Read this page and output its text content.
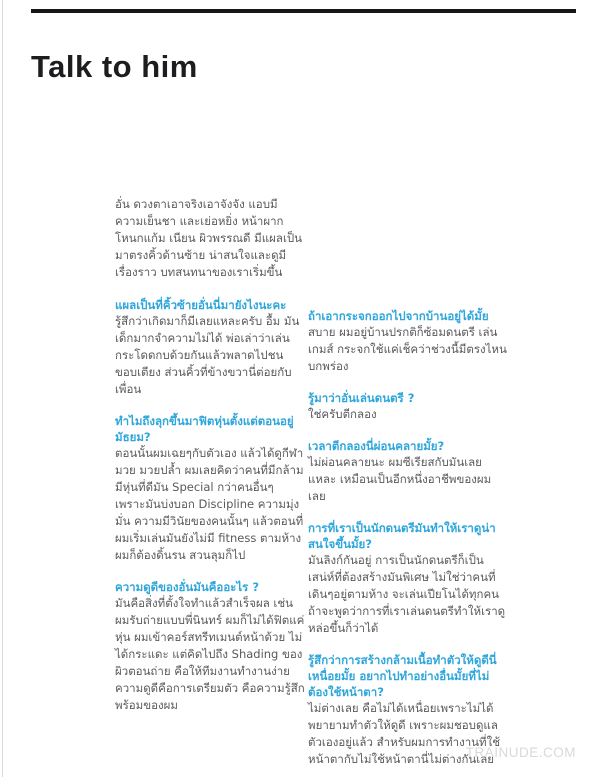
Talk to him

อั่น ดวงตาเอาจริงเอาจังจัง แอบมีความเย็นชา และเย่อหยิ่ง หน้าผาก โหนกแก้ม เนียน ผิวพรรณดี มีแผลเป็นมาตรงคิ้วด้านซ้าย น่าสนใจและดูมีเรื่องราว บทสนทนาของเราเริ่มขึ้น

แผลเป็นที่คิ้วซ้ายอั่นนี่มายังไงนะคะ

รู้สึกว่าเกิดมาก็มีเลยแหละครับ อื้ม มันเด็กมากจำความไม่ได้ พ่อเล่าว่าเล่นกระโดดกบด้วยกันแล้วพลาดไปชนขอบเตียง ส่วนคิ้วที่ข้างขวานี่ต่อยกับเพื่อน

ทำไมถึงลุกขึ้นมาฟิตหุ่นตั้งแต่ตอนอยู่มัธยม?

ตอนนั้นผมเฉยๆกับตัวเอง แล้วได้ดูกีฬามวย มวยปล้ำ ผมเลยคิดว่าคนที่มีกล้ามมีหุ่นที่ดีมัน Special กว่าคนอื่นๆ เพราะมันบ่งบอก Discipline ความมุ่งมั่น ความมีวินัยของคนนั้นๆ แล้วตอนที่ผมเริ่มเล่นมันยังไม่มี fitness ตามห้าง ผมก็ต้องดิ้นรน สวนลุมก็ไป

ความดูดีของอั่นมันคืออะไร ?

มันคือสิ่งที่ตั้งใจทำแล้วสำเร็จผล เช่นผมรับถ่ายแบบพี่นินทร์ ผมก็ไม่ได้ฟิตแค่หุ่น ผมเข้าคอร์สทรีทเมนต์หน้าด้วย ไม่ได้กระแดะ แต่คิดไปถึง Shading ของผิวตอนถ่าย คือให้ทีมงานทำงานง่าย ความดูดีคือการเตรียมตัว คือความรู้สึกพร้อมของผม

ถ้าเอากระจกออกไปจากบ้านอยู่ได้มั้ย

สบาย ผมอยู่บ้านปรกติก็ซ้อมดนตรี เล่นเกมส์ กระจกใช้แค่เช็คว่าช่วงนี้มีตรงไหนบกพร่อง

รู้มาว่าอั่นเล่นดนตรี ?

ใช่ครับตีกลอง

เวลาตีกลองนี่ผ่อนคลายมั้ย?

ไม่ผ่อนคลายนะ ผมซีเรียสกับมันเลยแหละ เหมือนเป็นอีกหนึ่งอาชีพของผมเลย

การที่เราเป็นนักดนตรีมันทำให้เราดูน่าสนใจขึ้นมั้ย?

มันลิงก์กันอยู่ การเป็นนักดนตรีก็เป็นเสน่ห์ที่ต้องสร้างมันพิเศษ ไม่ใช่ว่าคนที่เดินๆอยู่ตามห้าง จะเล่นเปียโนได้ทุกคน ถ้าจะพูดว่าการที่เราเล่นดนตรีทำให้เราดูหล่อขึ้นก็ว่าได้

รู้สึกว่าการสร้างกล้ามเนื้อทำตัวให้ดูดีนี่เหนื่อยมั้ย อยากไปทำอย่างอื่นมั้ยที่ไม่ต้องใช้หน้าตา?

ไม่ต่างเลย คือไม่ได้เหนื่อยเพราะไม่ได้พยายามทำตัวให้ดูดี เพราะผมชอบดูแลตัวเองอยู่แล้ว สำหรับผมการทำงานที่ใช้หน้าตากับไม่ใช้หน้าตานี่ไม่ต่างกันเลย

TRAINUDE.COM
